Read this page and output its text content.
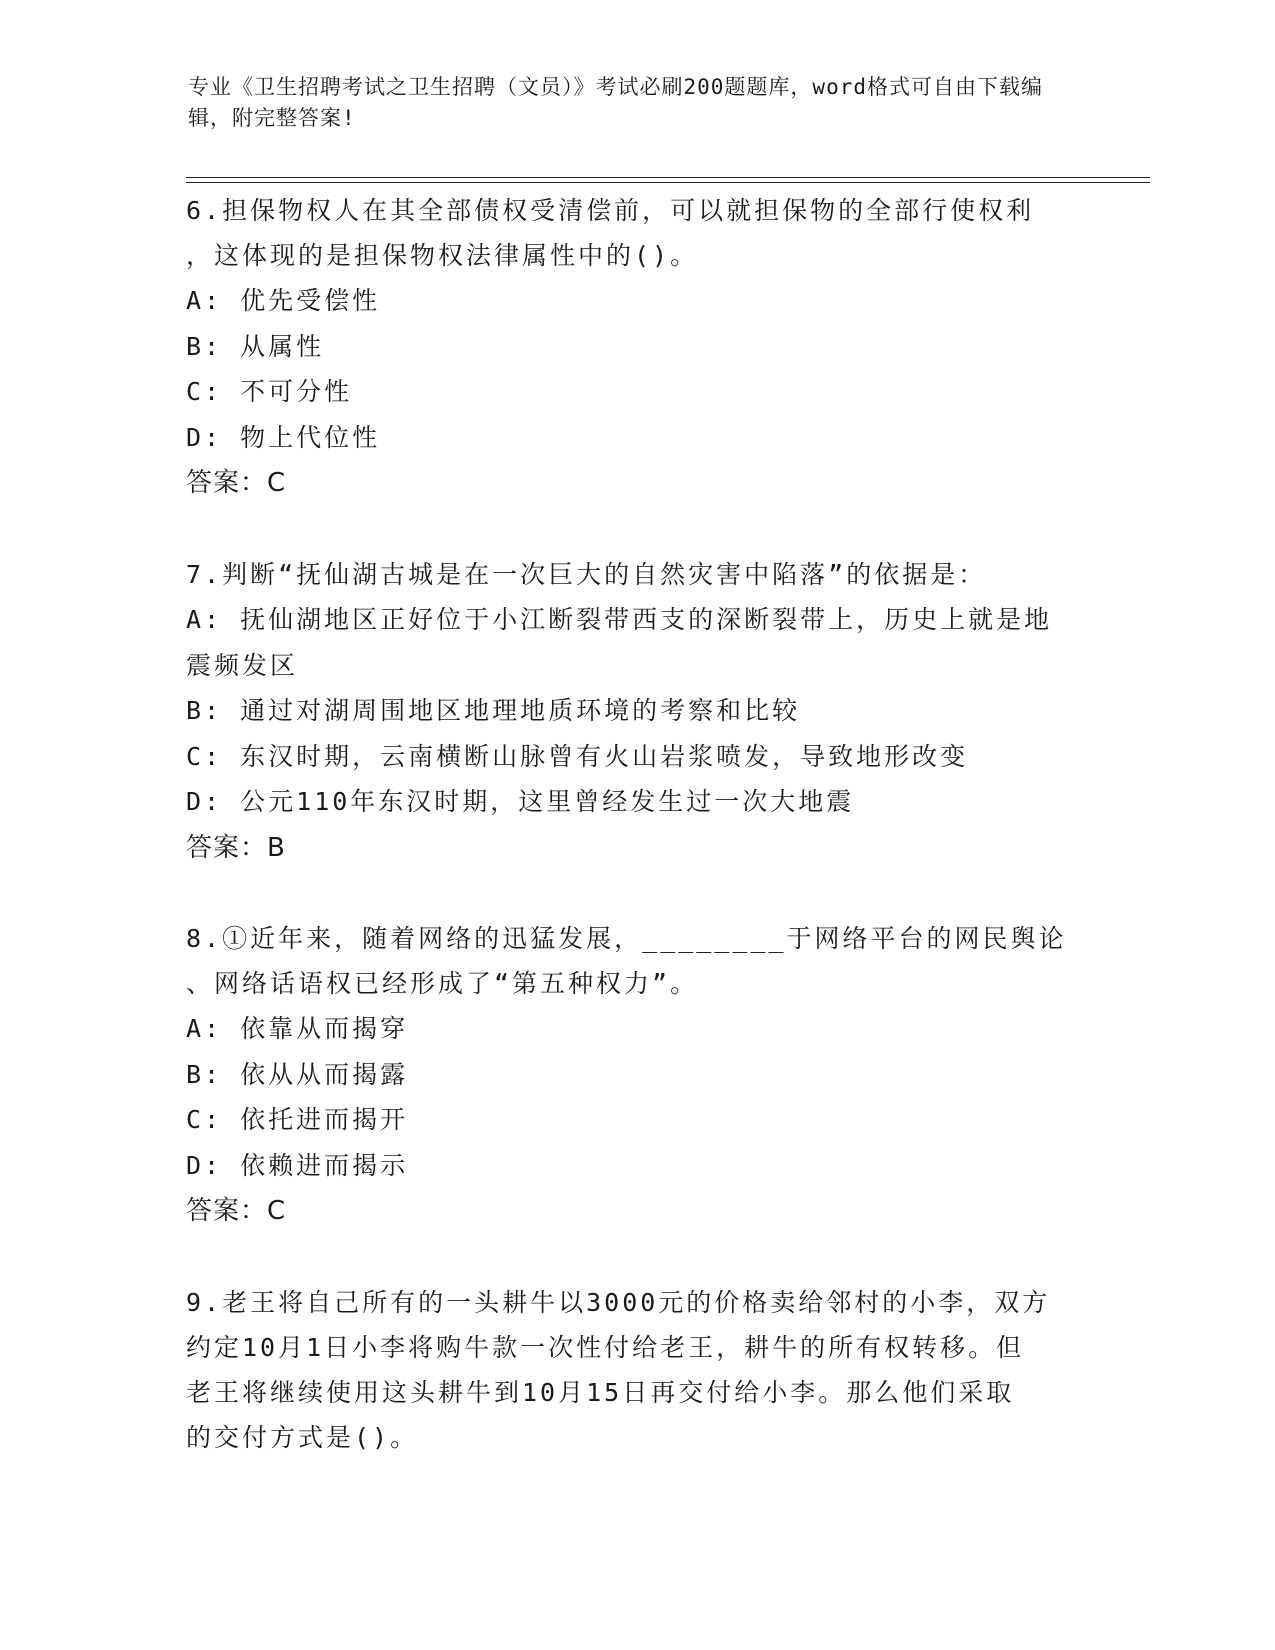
专业《卫生招聘考试之卫生招聘（文员）》考试必刷200题题库，word格式可自由下载编辑，附完整答案!

6.担保物权人在其全部债权受清偿前，可以就担保物的全部行使权利

，这体现的是担保物权法律属性中的()。

A: 优先受偿性

B: 从属性

C: 不可分性

D: 物上代位性

答案：C

7.判断“抚仙湖古城是在一次巨大的自然灾害中陷落”的依据是：

A: 抚仙湖地区正好位于小江断裂带西支的深断裂带上，历史上就是地

震频发区

B: 通过对湖周围地区地理地质环境的考察和比较

C: 东汉时期，云南横断山脉曾有火山岩浆喷发，导致地形改变

D: 公元110年东汉时期，这里曾经发生过一次大地震

答案：B

8.①近年来，随着网络的迅猛发展，________于网络平台的网民舆论

、网络话语权已经形成了“第五种权力”。

A: 依靠从而揭穿

B: 依从从而揭露

C: 依托进而揭开

D: 依赖进而揭示

答案：C

9.老王将自己所有的一头耕牛以3000元的价格卖给邻村的小李，双方

约定10月1日小李将购牛款一次性付给老王，耕牛的所有权转移。但

老王将继续使用这头耕牛到10月15日再交付给小李。那么他们采取

的交付方式是()。
